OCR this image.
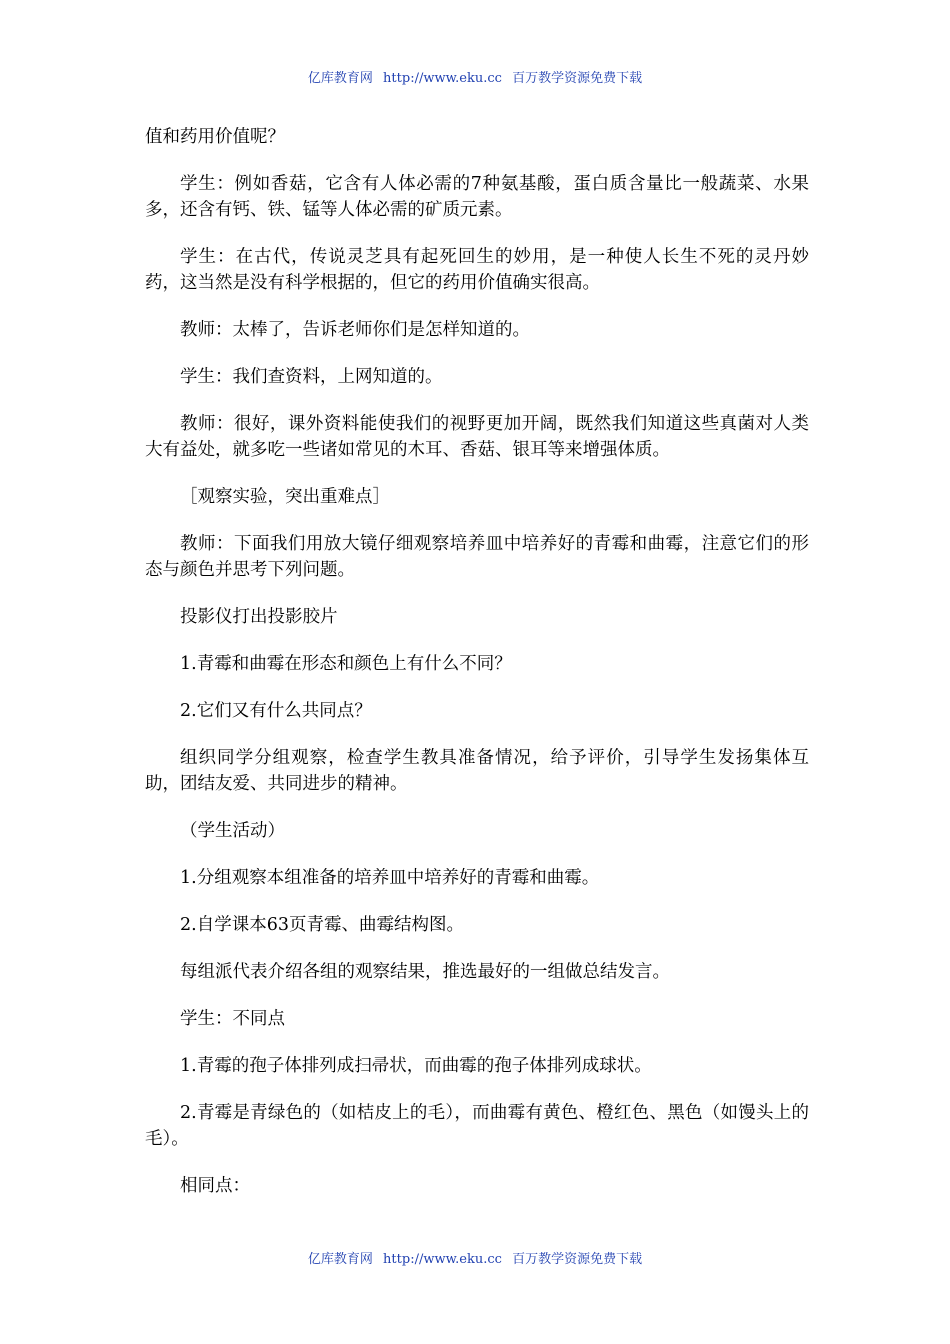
亿库教育网 http://www.eku.cc 百万教学资源免费下载

值和药用价值呢？

学生：例如香菇，它含有人体必需的7种氨基酸，蛋白质含量比一般蔬菜、水果多，还含有钙、铁、锰等人体必需的矿质元素。

学生：在古代，传说灵芝具有起死回生的妙用，是一种使人长生不死的灵丹妙药，这当然是没有科学根据的，但它的药用价值确实很高。

教师：太棒了，告诉老师你们是怎样知道的。

学生：我们查资料，上网知道的。

教师：很好，课外资料能使我们的视野更加开阔，既然我们知道这些真菌对人类大有益处，就多吃一些诸如常见的木耳、香菇、银耳等来增强体质。

［观察实验，突出重难点］

教师：下面我们用放大镜仔细观察培养皿中培养好的青霉和曲霉，注意它们的形态与颜色并思考下列问题。

投影仪打出投影胶片

1.青霉和曲霉在形态和颜色上有什么不同？

2.它们又有什么共同点？

组织同学分组观察，检查学生教具准备情况，给予评价，引导学生发扬集体互助，团结友爱、共同进步的精神。

（学生活动）

1.分组观察本组准备的培养皿中培养好的青霉和曲霉。

2.自学课本63页青霉、曲霉结构图。

每组派代表介绍各组的观察结果，推选最好的一组做总结发言。

学生：不同点

1.青霉的孢子体排列成扫帚状，而曲霉的孢子体排列成球状。

2.青霉是青绿色的（如桔皮上的毛），而曲霉有黄色、橙红色、黑色（如馒头上的毛）。

相同点：

亿库教育网 http://www.eku.cc 百万教学资源免费下载
